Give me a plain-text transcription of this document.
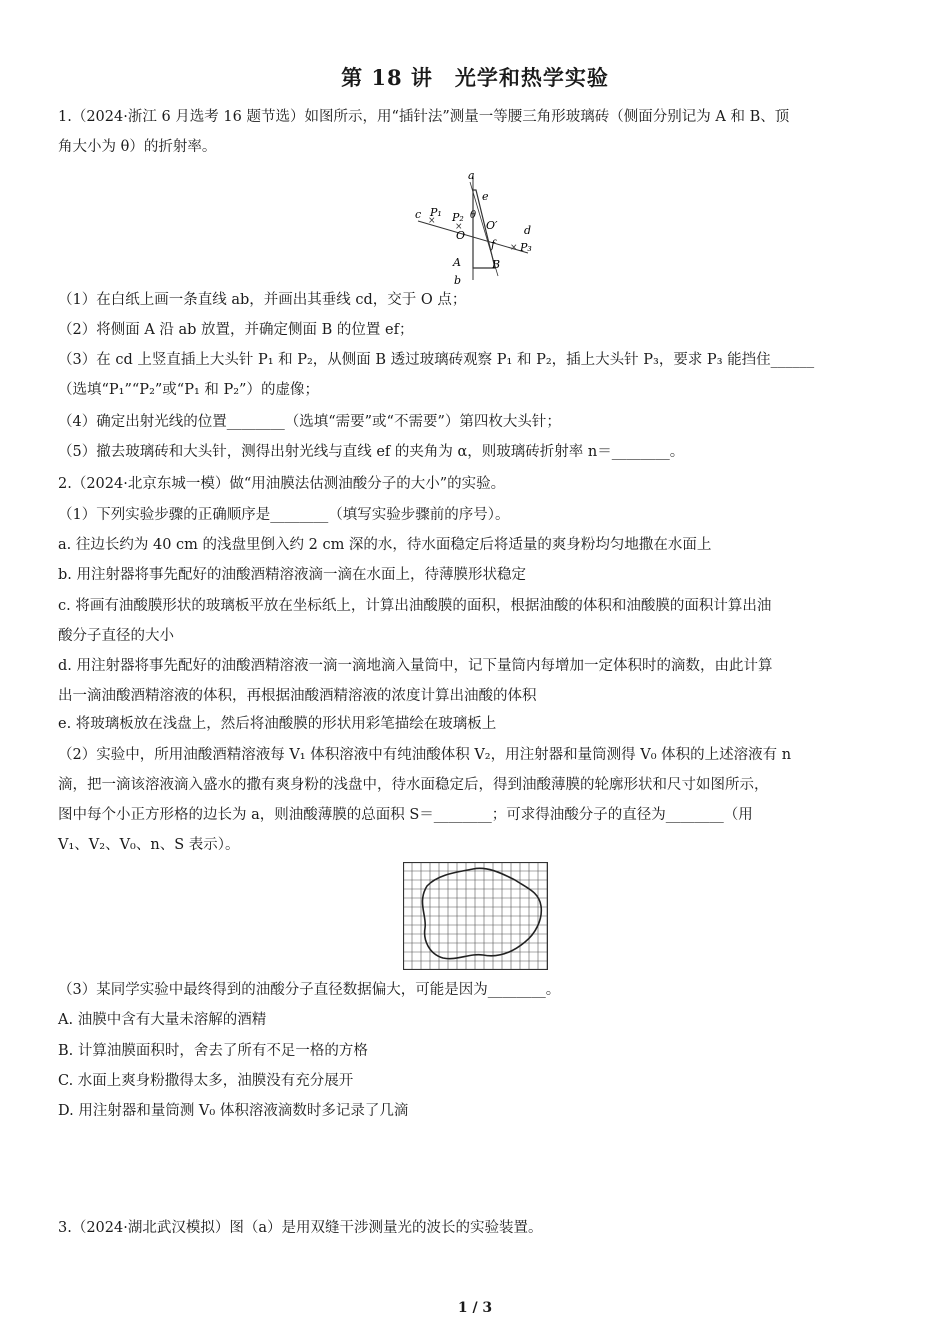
第 18 讲　光学和热学实验
1.（2024·浙江 6 月选考 16 题节选）如图所示，用“插针法”测量一等腰三角形玻璃砖（侧面分别记为 A 和 B、顶
角大小为 θ）的折射率。
×
×
×
a
b
c
d
e
f
O
O′
θ
A	B
P₁ P₂
P₃
（1）在白纸上画一条直线 ab，并画出其垂线 cd，交于 O 点；
（2）将侧面 A 沿 ab 放置，并确定侧面 B 的位置 ef；
（3）在 cd 上竖直插上大头针 P₁ 和 P₂，从侧面 B 透过玻璃砖观察 P₁ 和 P₂，插上大头针 P₃，要求 P₃ 能挡住______
（选填“P₁”“P₂”或“P₁ 和 P₂”）的虚像；
（4）确定出射光线的位置________（选填“需要”或“不需要”）第四枚大头针；
（5）撤去玻璃砖和大头针，测得出射光线与直线 ef 的夹角为 α，则玻璃砖折射率 n＝________。
2.（2024·北京东城一模）做“用油膜法估测油酸分子的大小”的实验。
（1）下列实验步骤的正确顺序是________（填写实验步骤前的序号）。
a. 往边长约为 40 cm 的浅盘里倒入约 2 cm 深的水，待水面稳定后将适量的爽身粉均匀地撒在水面上
b. 用注射器将事先配好的油酸酒精溶液滴一滴在水面上，待薄膜形状稳定
c. 将画有油酸膜形状的玻璃板平放在坐标纸上，计算出油酸膜的面积，根据油酸的体积和油酸膜的面积计算出油
酸分子直径的大小
d. 用注射器将事先配好的油酸酒精溶液一滴一滴地滴入量筒中，记下量筒内每增加一定体积时的滴数，由此计算
出一滴油酸酒精溶液的体积，再根据油酸酒精溶液的浓度计算出油酸的体积
e. 将玻璃板放在浅盘上，然后将油酸膜的形状用彩笔描绘在玻璃板上
（2）实验中，所用油酸酒精溶液每 V₁ 体积溶液中有纯油酸体积 V₂，用注射器和量筒测得 V₀ 体积的上述溶液有 n
滴，把一滴该溶液滴入盛水的撒有爽身粉的浅盘中，待水面稳定后，得到油酸薄膜的轮廓形状和尺寸如图所示，
图中每个小正方形格的边长为 a，则油酸薄膜的总面积 S＝________；可求得油酸分子的直径为________（用
V₁、V₂、V₀、n、S 表示）。
（3）某同学实验中最终得到的油酸分子直径数据偏大，可能是因为________。
A. 油膜中含有大量未溶解的酒精
B. 计算油膜面积时，舍去了所有不足一格的方格
C. 水面上爽身粉撒得太多，油膜没有充分展开
D. 用注射器和量筒测 V₀ 体积溶液滴数时多记录了几滴
3.（2024·湖北武汉模拟）图（a）是用双缝干涉测量光的波长的实验装置。
1 / 3
